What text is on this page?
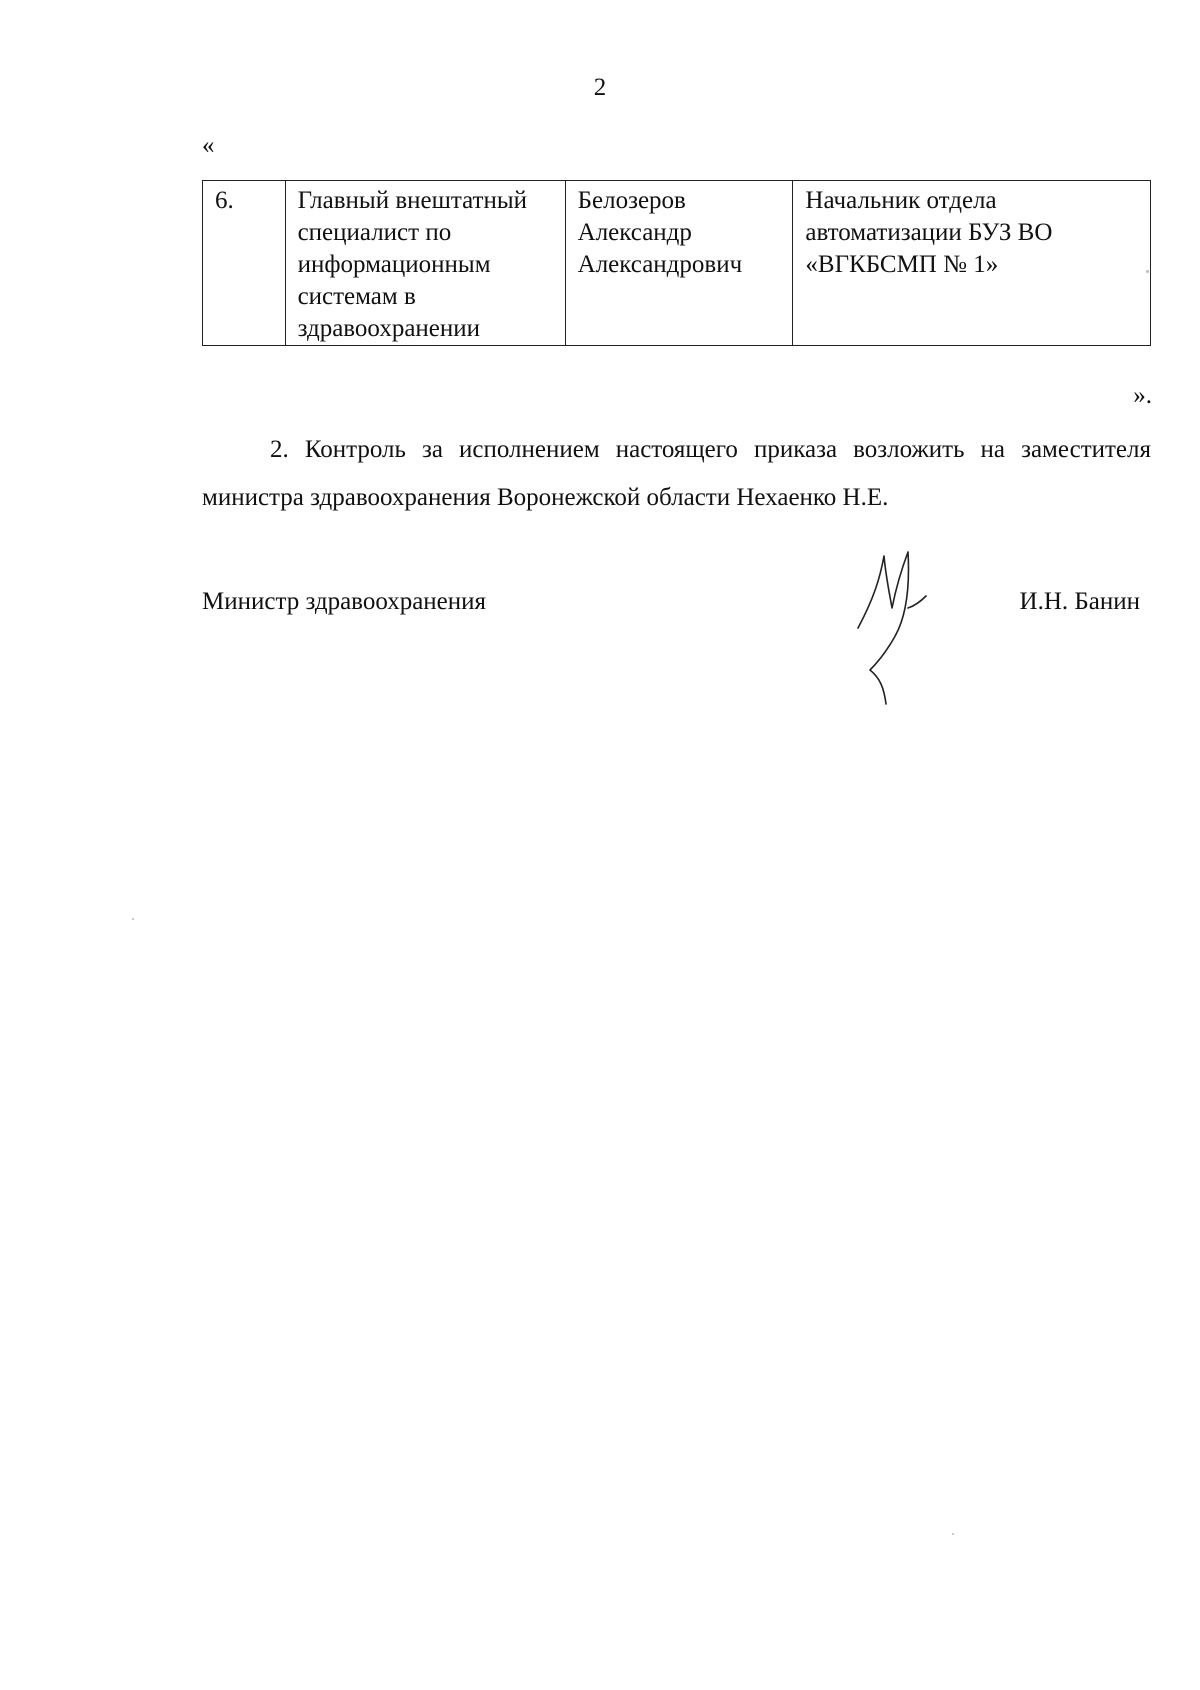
2
«
6.	Главный внештатный специалист по информационным системам в здравоохранении	Белозеров Александр Александрович	Начальник отдела автоматизации БУЗ ВО «ВГКБСМП № 1»
».
2. Контроль за исполнением настоящего приказа возложить на заместителя министра здравоохранения Воронежской области Нехаенко Н.Е.
Министр здравоохранения	И.Н. Банин
